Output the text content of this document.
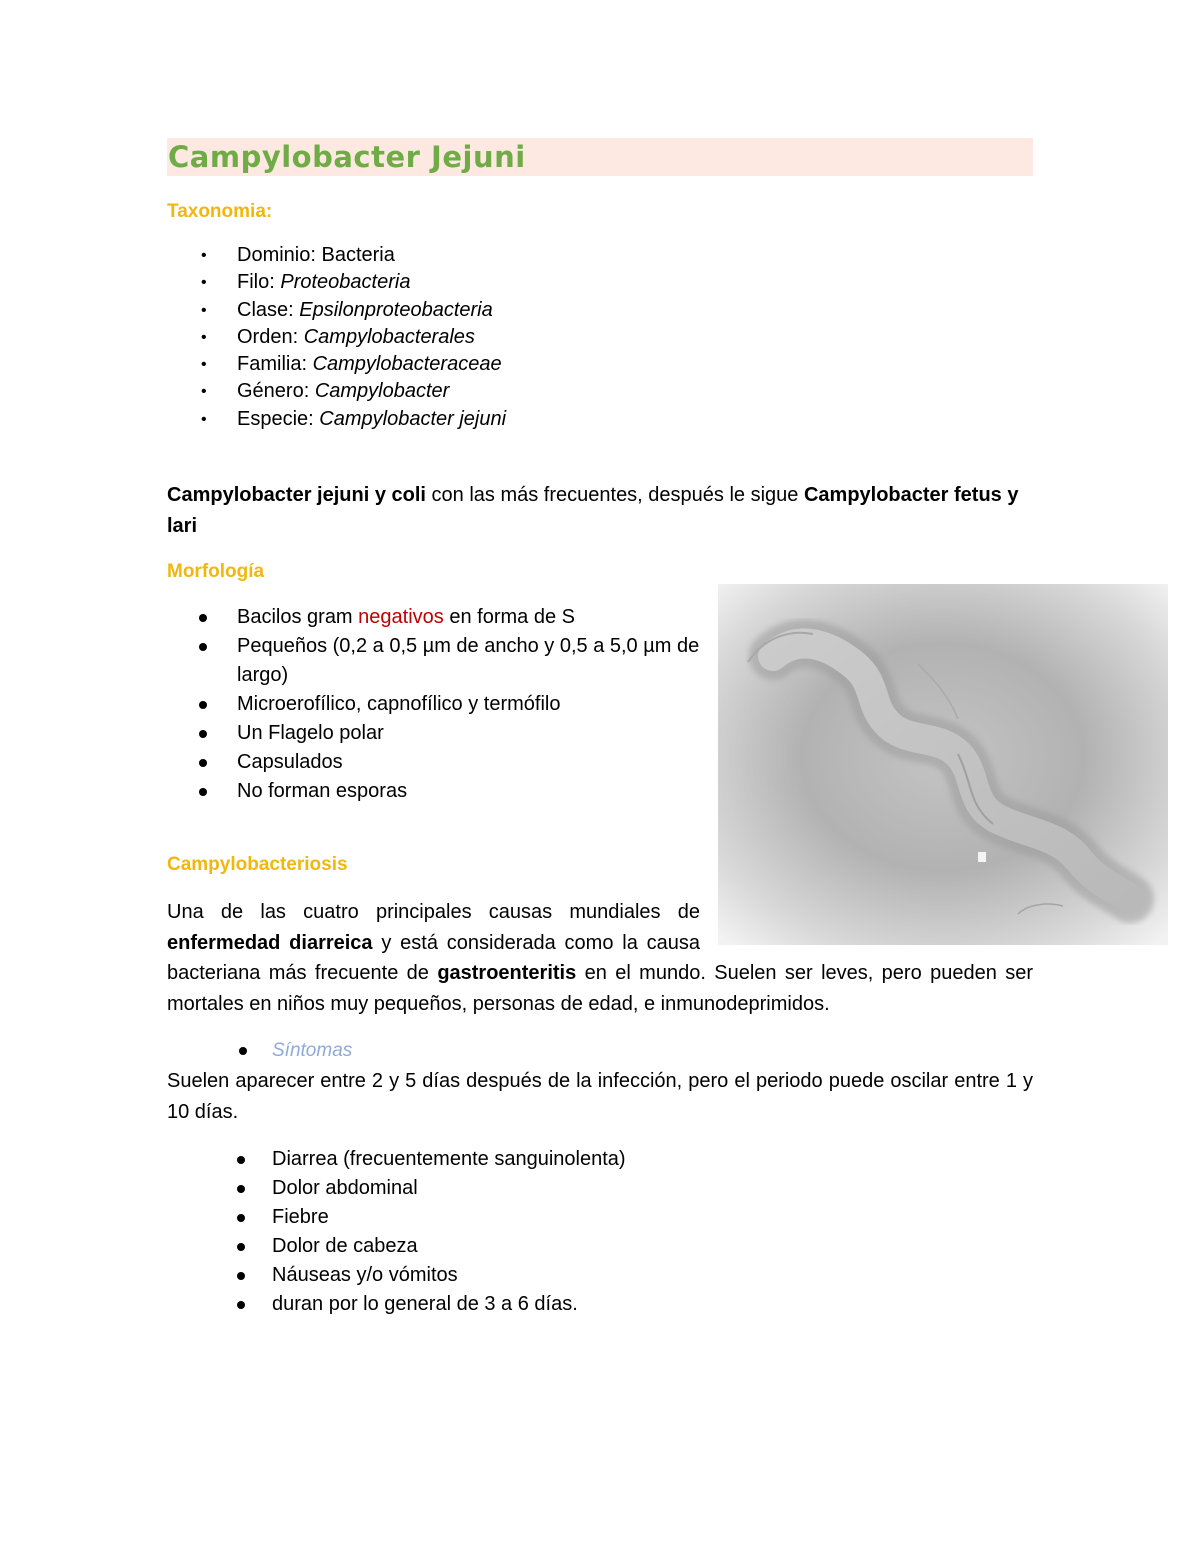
Campylobacter Jejuni
Taxonomia:
• Dominio: Bacteria
• Filo: Proteobacteria
• Clase: Epsilonproteobacteria
• Orden: Campylobacterales
• Familia: Campylobacteraceae
• Género: Campylobacter
• Especie: Campylobacter jejuni

Campylobacter jejuni y coli con las más frecuentes, después le sigue Campylobacter fetus y lari

Morfología
Bacilos gram negativos en forma de S
Pequeños (0,2 a 0,5 µm de ancho y 0,5 a 5,0 µm de largo)
Microerofílico, capnofílico y termófilo
Un Flagelo polar
Capsulados
No forman esporas
Campylobacteriosis

Una de las cuatro principales causas mundiales de

enfermedad diarreica y está considerada como la causa

bacteriana más frecuente de gastroenteritis en el mundo. Suelen ser leves, pero pueden ser mortales en niños muy pequeños, personas de edad, e inmunodeprimidos.

Síntomas

Suelen aparecer entre 2 y 5 días después de la infección, pero el periodo puede oscilar entre 1 y 10 días.

Diarrea (frecuentemente sanguinolenta)
Dolor abdominal
Fiebre
Dolor de cabeza
Náuseas y/o vómitos
duran por lo general de 3 a 6 días.
